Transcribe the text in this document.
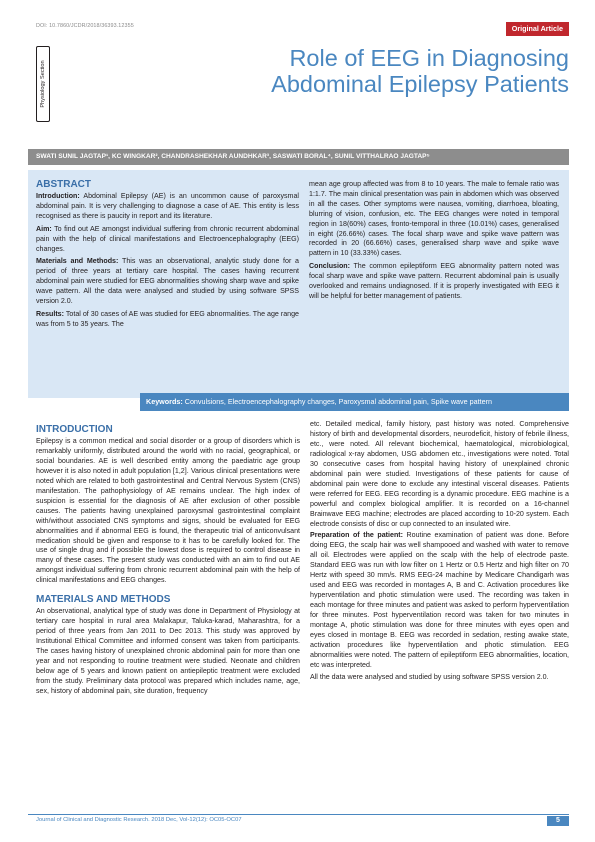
DOI: 10.7860/JCDR/2018/36393.12355	Original Article
Physiology Section
Role of EEG in Diagnosing Abdominal Epilepsy Patients
SWATI SUNIL JAGTAP¹, KC WINGKAR², CHANDRASHEKHAR AUNDHKAR³, SASWATI BORAL⁴, SUNIL VITTHALRAO JAGTAP⁵
ABSTRACT

Introduction: Abdominal Epilepsy (AE) is an uncommon cause of paroxysmal abdominal pain. It is very challenging to diagnose a case of AE. This entity is less recognised as there is paucity in report and its literature.

Aim: To find out AE amongst individual suffering from chronic recurrent abdominal pain with the help of clinical manifestations and Electroencephalography (EEG) changes.

Materials and Methods: This was an observational, analytic study done for a period of three years at tertiary care hospital. The cases having recurrent abdominal pain were studied for EEG abnormalities showing sharp wave and spike wave pattern. All the data were analysed and studied by using software SPSS version 2.0.

Results: Total of 30 cases of AE was studied for EEG abnormalities. The age range was from 5 to 35 years. The

mean age group affected was from 8 to 10 years. The male to female ratio was 1:1.7. The main clinical presentation was pain in abdomen which was observed in all the cases. Other symptoms were nausea, vomiting, diarrhoea, bloating, blurring of vision, confusion, etc. The EEG changes were noted in temporal region in 18(60%) cases, fronto-temporal in three (10.01%) cases, generalised in eight (26.66%) cases. The focal sharp wave and spike wave pattern was recorded in 20 (66.66%) cases, generalised sharp wave and spike wave pattern in 10 (33.33%) cases.

Conclusion: The common epileptiform EEG abnormality pattern noted was focal sharp wave and spike wave pattern. Recurrent abdominal pain is usually overlooked and remains undiagnosed. If it is properly investigated with EEG it will be helpful for better management of patients.

Keywords: Convulsions, Electroencephalography changes, Paroxysmal abdominal pain, Spike wave pattern
INTRODUCTION

Epilepsy is a common medical and social disorder or a group of disorders which is remarkably uniformly, distributed around the world with no racial, geographical, or social boundaries. AE is well described entity among the paediatric age group however it is also noted in adult population [1,2]. Various clinical presentations were noted which are related to both gastrointestinal and Central Nervous System (CNS) manifestation. The pathophysiology of AE remains unclear. The high index of suspicion is essential for the diagnosis of AE after exclusion of other possible causes. The patients having unexplained paroxysmal gastrointestinal complaint with/without associated CNS symptoms and signs, should be evaluated for EEG abnormalities and if abnormal EEG is found, the therapeutic trial of anticonvulsant medication should be given and response to it has to be carefully looked for. The use of single drug and if possible the lowest dose is required to control disease in many of these cases. The present study was conducted with an aim to find out AE amongst individual suffering from chronic recurrent abdominal pain with the help of clinical manifestations and EEG changes.

MATERIALS AND METHODS

An observational, analytical type of study was done in Department of Physiology at tertiary care hospital in rural area Malakapur, Taluka-karad, Maharashtra, for a period of three years from Jan 2011 to Dec 2013. This study was approved by Institutional Ethical Committee and informed consent was taken from participants. The cases having history of unexplained chronic abdominal pain for more than one year and not responding to routine treatment were studied. Neonate and children below age of 5 years and known patient on antiepileptic treatment were excluded from the study. Preliminary data protocol was prepared which includes name, age, sex, history of abdominal pain, site duration, frequency

etc. Detailed medical, family history, past history was noted. Comprehensive history of birth and developmental disorders, neurodeficit, history of febrile illness, etc., were noted. All relevant biochemical, haematological, microbiological, radiological x-ray abdomen, USG abdomen etc., investigations were noted. Total 30 consecutive cases from hospital having history of unexplained chronic abdominal pain were studied. Investigations of these patients for cause of abdominal pain were done to exclude any intestinal visceral diseases. Patients were referred for EEG. EEG recording is a dynamic procedure. EEG machine is a powerful and complex biological amplifier. It is recorded on a 16-channel Brainwave EEG machine; electrodes are placed according to 10-20 system. Each electrode consists of disc or cup connected to an insulated wire.

Preparation of the patient: Routine examination of patient was done. Before doing EEG, the scalp hair was well shampooed and washed with water to remove all oil. Electrodes were applied on the scalp with the help of electrode paste. Standard EEG was run with low filter on 1 Hertz or 0.5 Hertz and high filter on 70 Hertz with speed 30 mm/s. RMS EEG-24 machine by Medicare Chandigarh was used and EEG was recorded in montages A, B and C. Activation procedures like hyperventilation and photic stimulation were used. The recording was taken in each montage for three minutes and patient was asked to perform hyperventilation for three minutes. Post hyperventilation record was taken for two minutes in montage A, photic stimulation was done for three minutes with eyes open and eyes closed in montage B. EEG was recorded in sedation, resting awake state, activation procedures like hyperventilation and photic stimulation. EEG abnormalities were noted. The pattern of epileptiform EEG abnormalities, location, etc was interpreted.

All the data were analysed and studied by using software SPSS version 2.0.

Journal of Clinical and Diagnostic Research. 2018 Dec, Vol-12(12): OC05-OC07	5
